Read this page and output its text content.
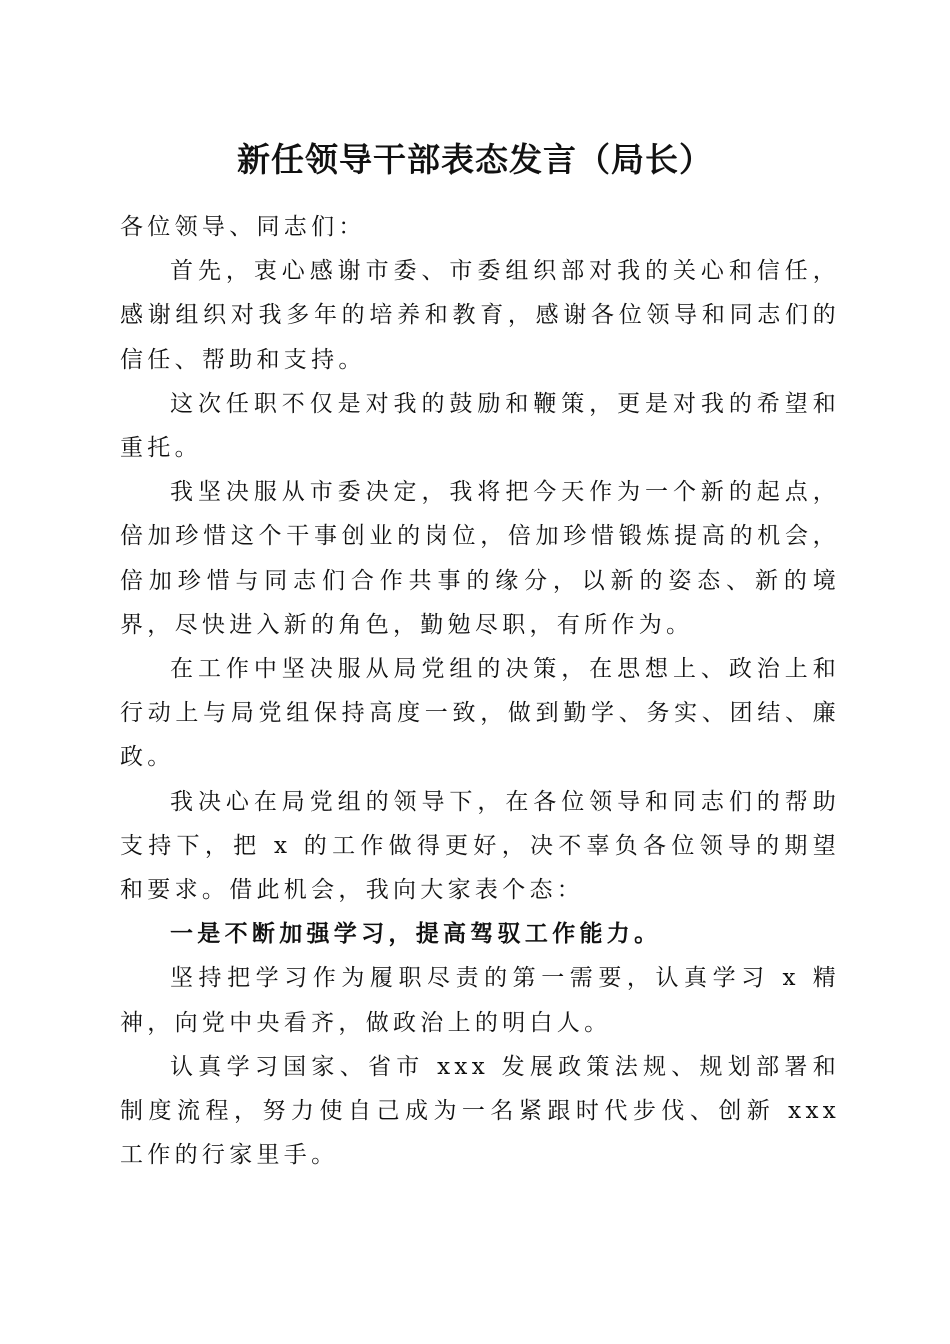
新任领导干部表态发言（局长）

各位领导、同志们：

首先，衷心感谢市委、市委组织部对我的关心和信任，感谢组织对我多年的培养和教育，感谢各位领导和同志们的信任、帮助和支持。

这次任职不仅是对我的鼓励和鞭策，更是对我的希望和重托。

我坚决服从市委决定，我将把今天作为一个新的起点，倍加珍惜这个干事创业的岗位，倍加珍惜锻炼提高的机会，倍加珍惜与同志们合作共事的缘分，以新的姿态、新的境界，尽快进入新的角色，勤勉尽职，有所作为。

在工作中坚决服从局党组的决策，在思想上、政治上和行动上与局党组保持高度一致，做到勤学、务实、团结、廉政。

我决心在局党组的领导下，在各位领导和同志们的帮助支持下，把 x 的工作做得更好，决不辜负各位领导的期望和要求。借此机会，我向大家表个态：

一是不断加强学习，提高驾驭工作能力。

坚持把学习作为履职尽责的第一需要，认真学习 x 精神，向党中央看齐，做政治上的明白人。

认真学习国家、省市 xxx 发展政策法规、规划部署和制度流程，努力使自己成为一名紧跟时代步伐、创新 xxx 工作的行家里手。
